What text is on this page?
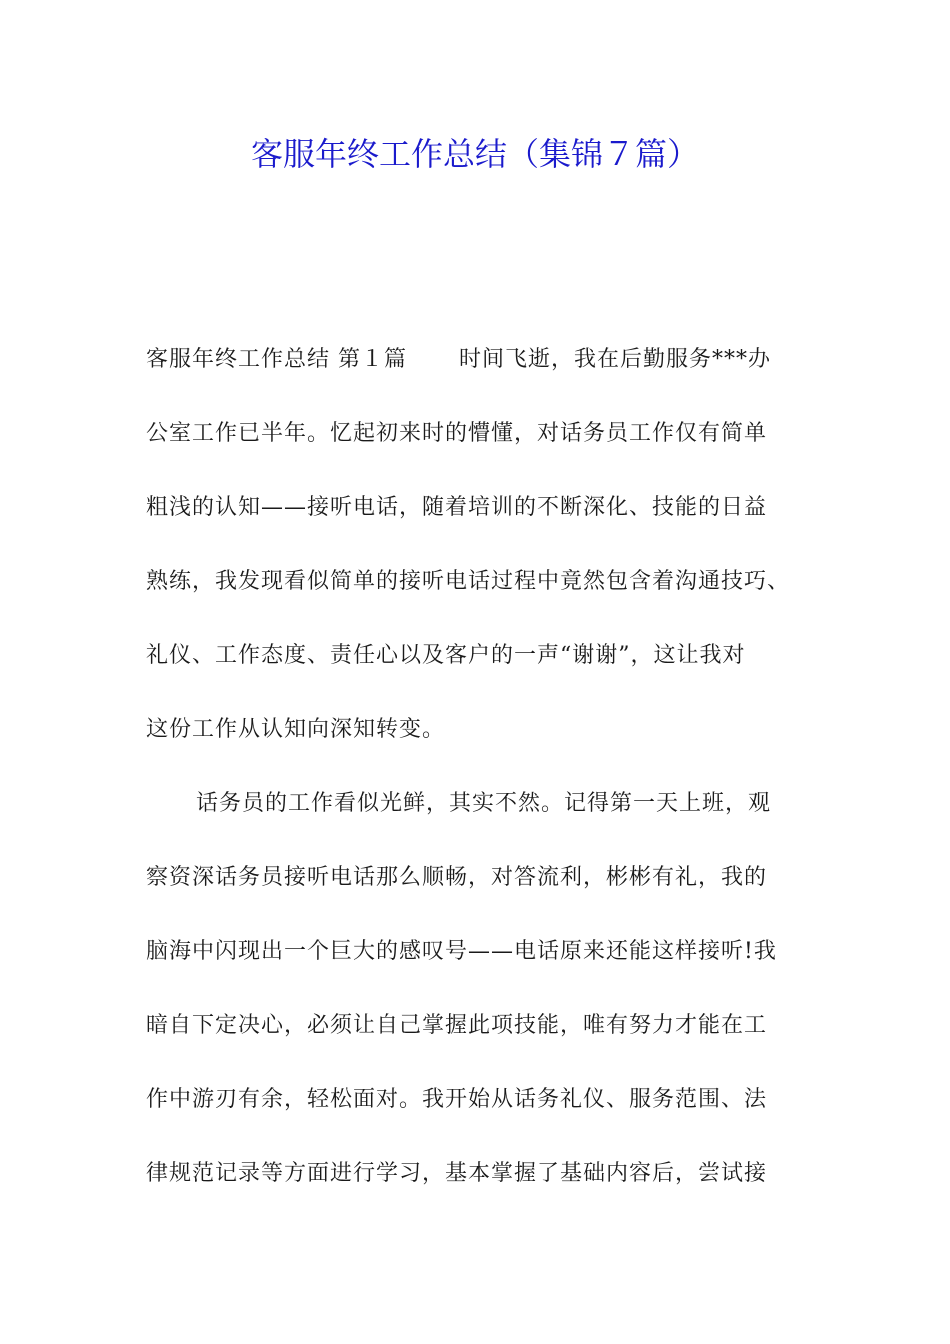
客服年终工作总结（集锦７篇）
客服年终工作总结 第１篇 时间飞逝，我在后勤服务***办
公室工作已半年。忆起初来时的懵懂，对话务员工作仅有简单
粗浅的认知——接听电话，随着培训的不断深化、技能的日益
熟练，我发现看似简单的接听电话过程中竟然包含着沟通技巧、
礼仪、工作态度、责任心以及客户的一声“谢谢”，这让我对
这份工作从认知向深知转变。
话务员的工作看似光鲜，其实不然。记得第一天上班，观
察资深话务员接听电话那么顺畅，对答流利，彬彬有礼，我的
脑海中闪现出一个巨大的感叹号——电话原来还能这样接听!我
暗自下定决心，必须让自己掌握此项技能，唯有努力才能在工
作中游刃有余，轻松面对。我开始从话务礼仪、服务范围、法
律规范记录等方面进行学习，基本掌握了基础内容后，尝试接
